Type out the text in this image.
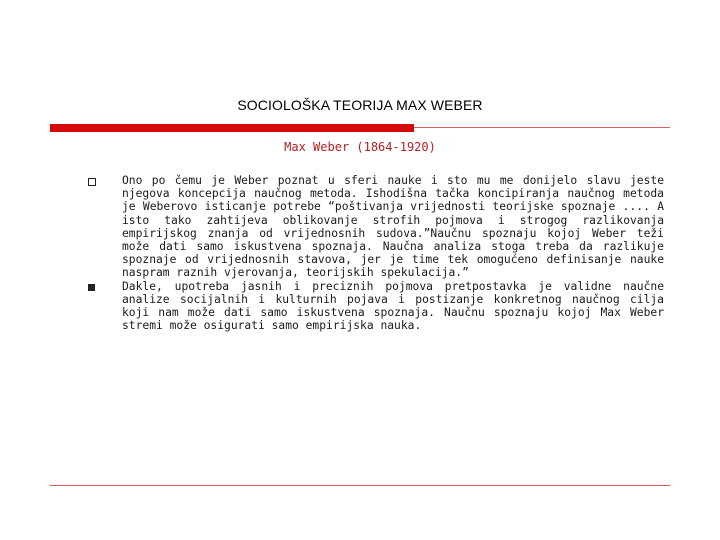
SOCIOLOŠKA TEORIJA MAX WEBER
Max Weber (1864-1920)
Ono po čemu je Weber poznat u sferi nauke i sto mu me donijelo slavu jeste njegova koncepcija naučnog metoda. Ishodišna tačka koncipiranja naučnog metoda je Weberovo isticanje potrebe “poštivanja vrijednosti teorijske spoznaje .... A isto tako zahtijeva oblikovanje strofih pojmova i strogog razlikovanja empirijskog znanja od vrijednosnih sudova.”Naučnu spoznaju kojoj Weber teži može dati samo iskustvena spoznaja. Naučna analiza stoga treba da razlikuje spoznaje od vrijednosnih stavova, jer je time tek omogućeno definisanje nauke naspram raznih vjerovanja, teorijskih spekulacija.”
Dakle, upotreba jasnih i preciznih pojmova pretpostavka je validne naučne analize socijalnih i kulturnih pojava i postizanje konkretnog naučnog cilja koji nam može dati samo iskustvena spoznaja. Naučnu spoznaju kojoj Max Weber stremi može osigurati samo empirijska nauka.
